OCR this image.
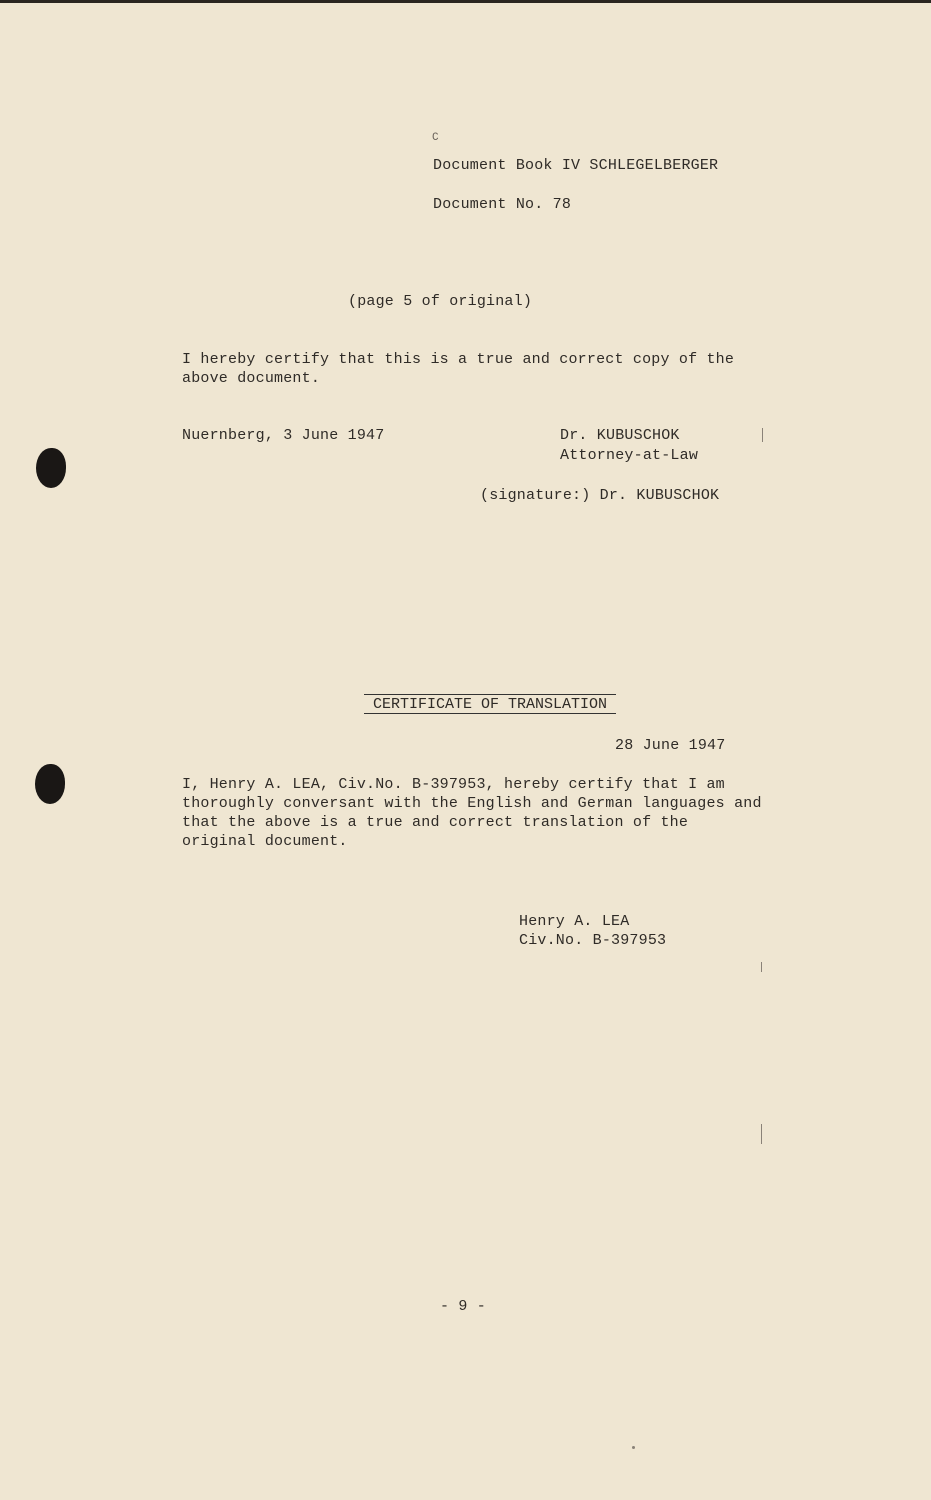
C
Document Book IV SCHLEGELBERGER
Document No. 78
(page 5 of original)
I hereby certify that this is a true and correct copy of the
above document.
Nuernberg, 3 June 1947	Dr. KUBUSCHOK
Attorney-at-Law
(signature:) Dr. KUBUSCHOK
CERTIFICATE OF TRANSLATION
28 June 1947
I, Henry A. LEA, Civ.No. B-397953, hereby certify that I am
thoroughly conversant with the English and German languages and
that the above is a true and correct translation of the
original document.
Henry A. LEA
Civ.No. B-397953
- 9 -
